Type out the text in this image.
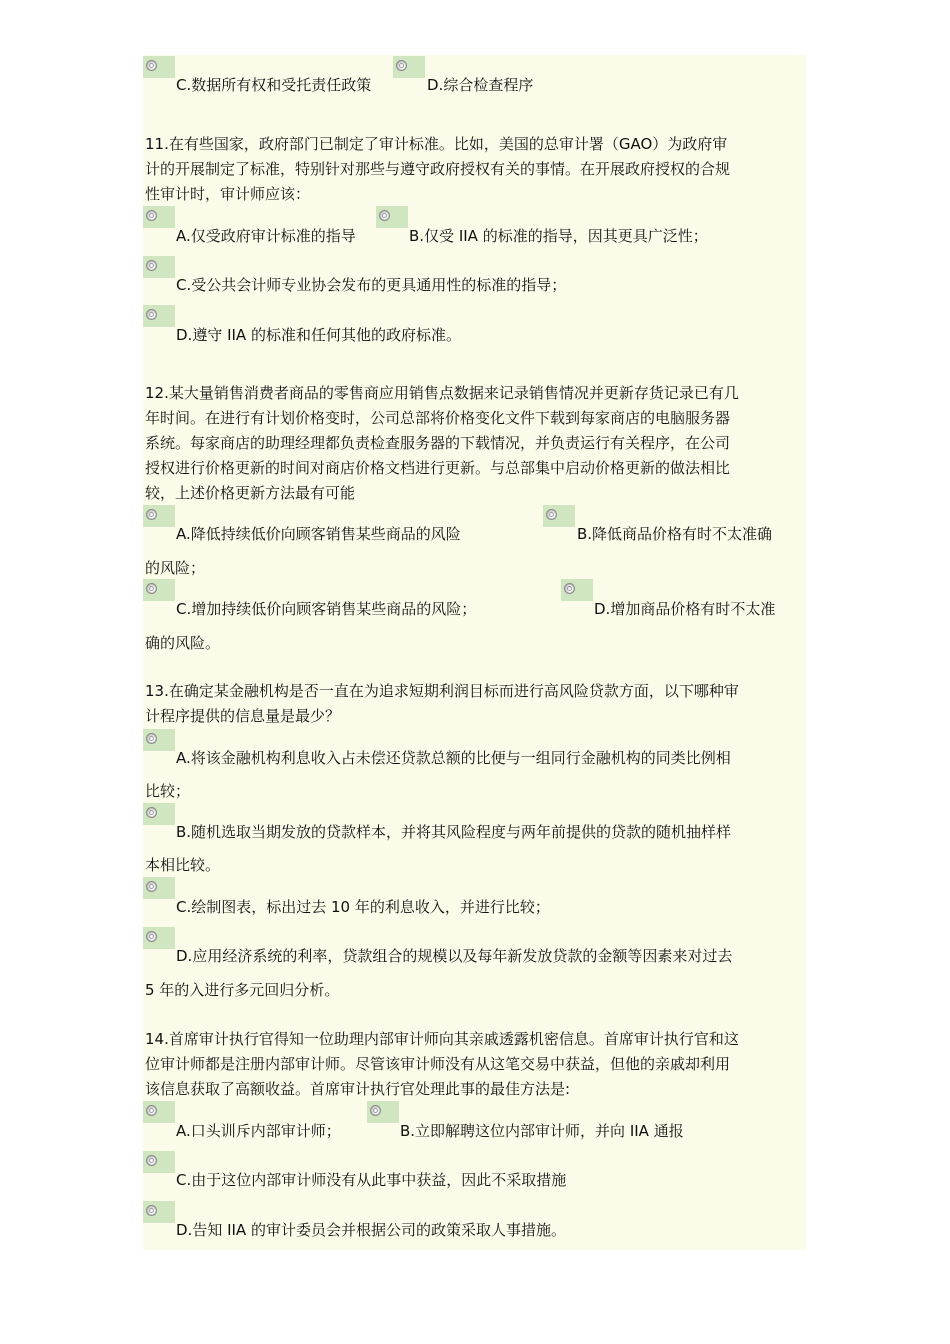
C.数据所有权和受托责任政策	D.综合检查程序
11.在有些国家，政府部门已制定了审计标准。比如，美国的总审计署（GAO）为政府审
计的开展制定了标准，特别针对那些与遵守政府授权有关的事情。在开展政府授权的合规
性审计时，审计师应该：
A.仅受政府审计标准的指导	B.仅受 IIA 的标准的指导，因其更具广泛性；
C.受公共会计师专业协会发布的更具通用性的标准的指导；
D.遵守 IIA 的标准和任何其他的政府标准。
12.某大量销售消费者商品的零售商应用销售点数据来记录销售情况并更新存货记录已有几
年时间。在进行有计划价格变时，公司总部将价格变化文件下载到每家商店的电脑服务器
系统。每家商店的助理经理都负责检查服务器的下载情况，并负责运行有关程序，在公司
授权进行价格更新的时间对商店价格文档进行更新。与总部集中启动价格更新的做法相比
较，上述价格更新方法最有可能
A.降低持续低价向顾客销售某些商品的风险	B.降低商品价格有时不太准确
的风险；
C.增加持续低价向顾客销售某些商品的风险；	D.增加商品价格有时不太准
确的风险。
13.在确定某金融机构是否一直在为追求短期利润目标而进行高风险贷款方面，以下哪种审
计程序提供的信息量是最少？
A.将该金融机构利息收入占未偿还贷款总额的比便与一组同行金融机构的同类比例相
比较；
B.随机选取当期发放的贷款样本，并将其风险程度与两年前提供的贷款的随机抽样样
本相比较。
C.绘制图表，标出过去 10 年的利息收入，并进行比较；
D.应用经济系统的利率，贷款组合的规模以及每年新发放贷款的金额等因素来对过去
5 年的入进行多元回归分析。
14.首席审计执行官得知一位助理内部审计师向其亲戚透露机密信息。首席审计执行官和这
位审计师都是注册内部审计师。尽管该审计师没有从这笔交易中获益，但他的亲戚却利用
该信息获取了高额收益。首席审计执行官处理此事的最佳方法是:
A.口头训斥内部审计师；	B.立即解聘这位内部审计师，并向 IIA 通报
C.由于这位内部审计师没有从此事中获益，因此不采取措施
D.告知 IIA 的审计委员会并根据公司的政策采取人事措施。
